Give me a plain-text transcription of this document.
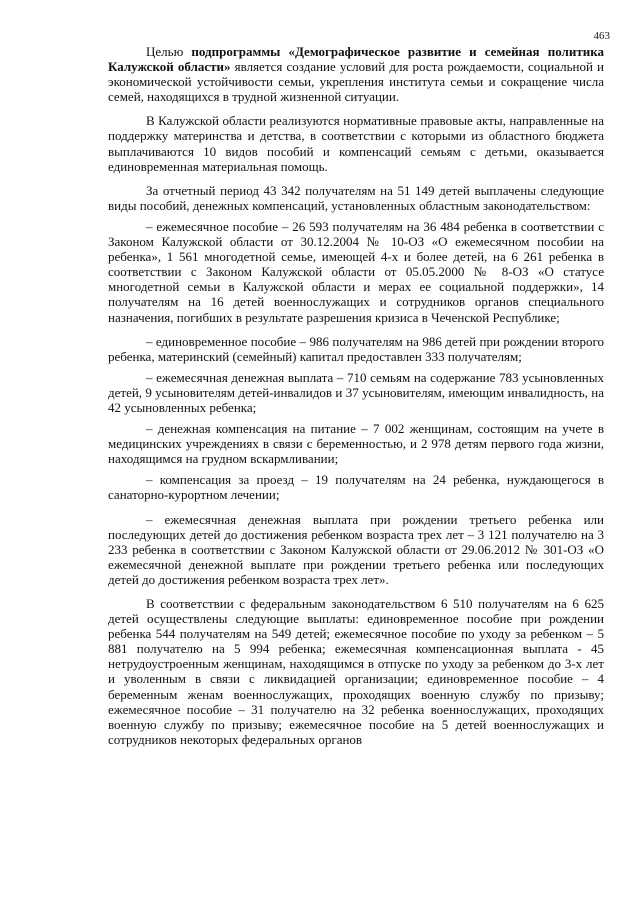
463

Целью подпрограммы «Демографическое развитие и семейная политика Калужской области» является создание условий для роста рождаемости, социальной и экономической устойчивости семьи, укрепления института семьи и сокращение числа семей, находящихся в трудной жизненной ситуации.

В Калужской области реализуются нормативные правовые акты, направленные на поддержку материнства и детства, в соответствии с которыми из областного бюджета выплачиваются 10 видов пособий и компенсаций семьям с детьми, оказывается единовременная материальная помощь.

За отчетный период 43 342 получателям на 51 149 детей выплачены следующие виды пособий, денежных компенсаций, установленных областным законодательством:

– ежемесячное пособие – 26 593 получателям на 36 484 ребенка в соответствии с Законом Калужской области от 30.12.2004 № 10-ОЗ «О ежемесячном пособии на ребенка», 1 561 многодетной семье, имеющей 4-х и более детей, на 6 261 ребенка в соответствии с Законом Калужской области от 05.05.2000 № 8-ОЗ «О статусе многодетной семьи в Калужской области и мерах ее социальной поддержки», 14 получателям на 16 детей военнослужащих и сотрудников органов специального назначения, погибших в результате разрешения кризиса в Чеченской Республике;

– единовременное пособие – 986 получателям на 986 детей при рождении второго ребенка, материнский (семейный) капитал предоставлен 333 получателям;

– ежемесячная денежная выплата – 710 семьям на содержание 783 усыновленных детей, 9 усыновителям детей-инвалидов и 37 усыновителям, имеющим инвалидность, на 42 усыновленных ребенка;

– денежная компенсация на питание – 7 002 женщинам, состоящим на учете в медицинских учреждениях в связи с беременностью, и 2 978 детям первого года жизни, находящимся на грудном вскармливании;

– компенсация за проезд – 19 получателям на 24 ребенка, нуждающегося в санаторно-курортном лечении;

– ежемесячная денежная выплата при рождении третьего ребенка или последующих детей до достижения ребенком возраста трех лет – 3 121 получателю на 3 233 ребенка в соответствии с Законом Калужской области от 29.06.2012 № 301-ОЗ «О ежемесячной денежной выплате при рождении третьего ребенка или последующих детей до достижения ребенком возраста трех лет».

В соответствии с федеральным законодательством 6 510 получателям на 6 625 детей осуществлены следующие выплаты: единовременное пособие при рождении ребенка 544 получателям на 549 детей; ежемесячное пособие по уходу за ребенком – 5 881 получателю на 5 994 ребенка; ежемесячная компенсационная выплата - 45 нетрудоустроенным женщинам, находящимся в отпуске по уходу за ребенком до 3-х лет и уволенным в связи с ликвидацией организации; единовременное пособие – 4 беременным женам военнослужащих, проходящих военную службу по призыву; ежемесячное пособие – 31 получателю на 32 ребенка военнослужащих, проходящих военную службу по призыву; ежемесячное пособие на 5 детей военнослужащих и сотрудников некоторых федеральных органов
